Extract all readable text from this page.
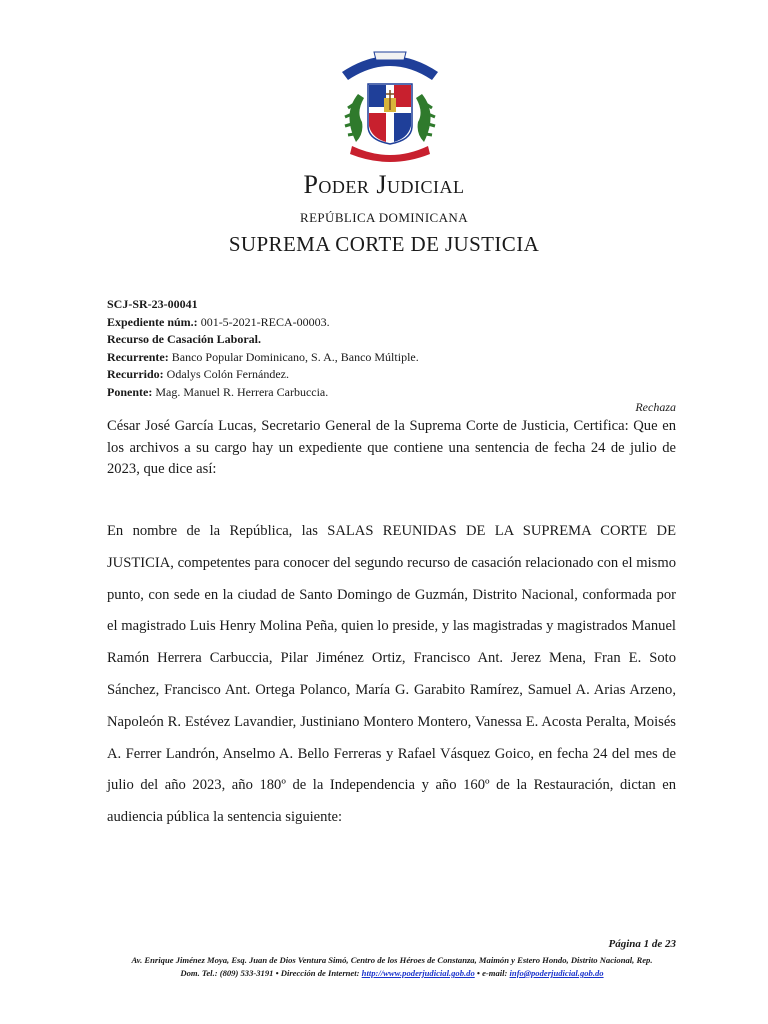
Poder Judicial
REPÚBLICA DOMINICANA
SUPREMA CORTE DE JUSTICIA
SCJ-SR-23-00041
Expediente núm.: 001-5-2021-RECA-00003.
Recurso de Casación Laboral.
Recurrente: Banco Popular Dominicano, S. A., Banco Múltiple.
Recurrido: Odalys Colón Fernández.
Ponente: Mag. Manuel R. Herrera Carbuccia.
Rechaza
César José García Lucas, Secretario General de la Suprema Corte de Justicia, Certifica: Que en los archivos a su cargo hay un expediente que contiene una sentencia de fecha 24 de julio de 2023, que dice así:
En nombre de la República, las SALAS REUNIDAS DE LA SUPREMA CORTE DE JUSTICIA, competentes para conocer del segundo recurso de casación relacionado con el mismo punto, con sede en la ciudad de Santo Domingo de Guzmán, Distrito Nacional, conformada por el magistrado Luis Henry Molina Peña, quien lo preside, y las magistradas y magistrados Manuel Ramón Herrera Carbuccia, Pilar Jiménez Ortiz, Francisco Ant. Jerez Mena, Fran E. Soto Sánchez, Francisco Ant. Ortega Polanco, María G. Garabito Ramírez, Samuel A. Arias Arzeno, Napoleón R. Estévez Lavandier, Justiniano Montero Montero, Vanessa E. Acosta Peralta, Moisés A. Ferrer Landrón, Anselmo A. Bello Ferreras y Rafael Vásquez Goico, en fecha 24 del mes de julio del año 2023, año 180º de la Independencia y año 160º de la Restauración, dictan en audiencia pública la sentencia siguiente:
Página 1 de 23
Av. Enrique Jiménez Moya, Esq. Juan de Dios Ventura Simó, Centro de los Héroes de Constanza, Maimón y Estero Hondo, Distrito Nacional, Rep.
Dom. Tel.: (809) 533-3191 • Dirección de Internet: http://www.poderjudicial.gob.do • e-mail: info@poderjudicial.gob.do
